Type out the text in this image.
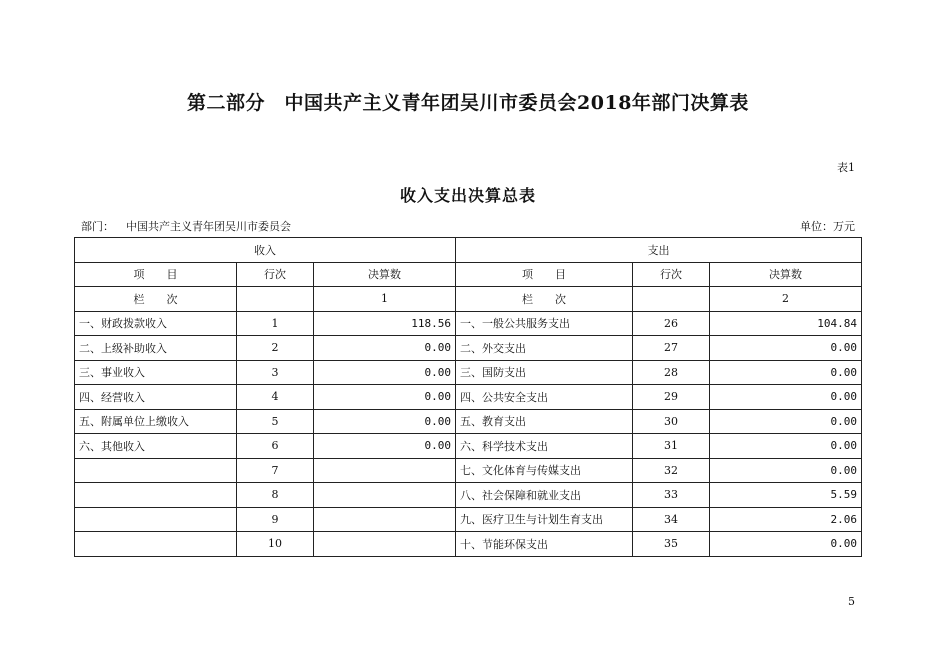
第二部分　中国共产主义青年团吴川市委员会2018年部门决算表
表1
收入支出决算总表
部门： 中国共产主义青年团吴川市委员会	单位：万元
收入			支出		
项　　目	行次	决算数	项　　目	行次	决算数
栏　　次		1	栏　　次		2
一、财政拨款收入	1	118.56	一、一般公共服务支出	26	104.84
二、上级补助收入	2	0.00	二、外交支出	27	0.00
三、事业收入	3	0.00	三、国防支出	28	0.00
四、经营收入	4	0.00	四、公共安全支出	29	0.00
五、附属单位上缴收入	5	0.00	五、教育支出	30	0.00
六、其他收入	6	0.00	六、科学技术支出	31	0.00
	7		七、文化体育与传媒支出	32	0.00
	8		八、社会保障和就业支出	33	5.59
	9		九、医疗卫生与计划生育支出	34	2.06
	10		十、节能环保支出	35	0.00
5
